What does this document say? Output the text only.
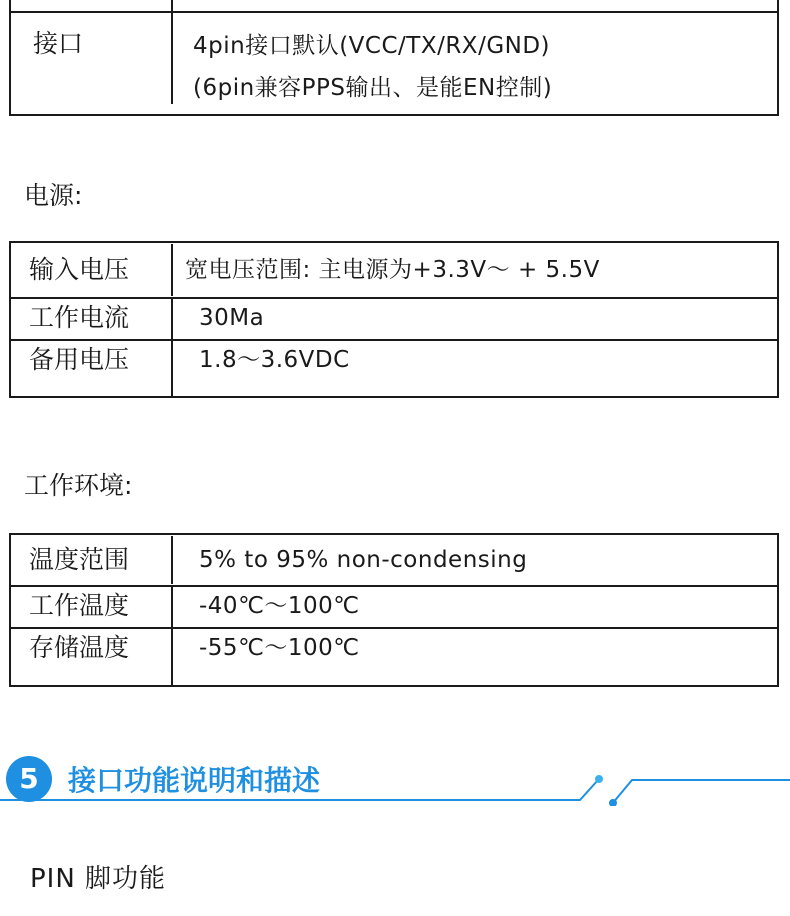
接口	4pin接口默认(VCC/TX/RX/GND)
(6pin兼容PPS输出、是能EN控制)
电源:
输入电压	宽电压范围: 主电源为+3.3V～ + 5.5V
工作电流	30Ma
备用电压	1.8～3.6VDC
工作环境:
温度范围	5% to 95% non-condensing
工作温度	-40℃～100℃
存储温度	-55℃～100℃
5	接口功能说明和描述
PIN 脚功能
